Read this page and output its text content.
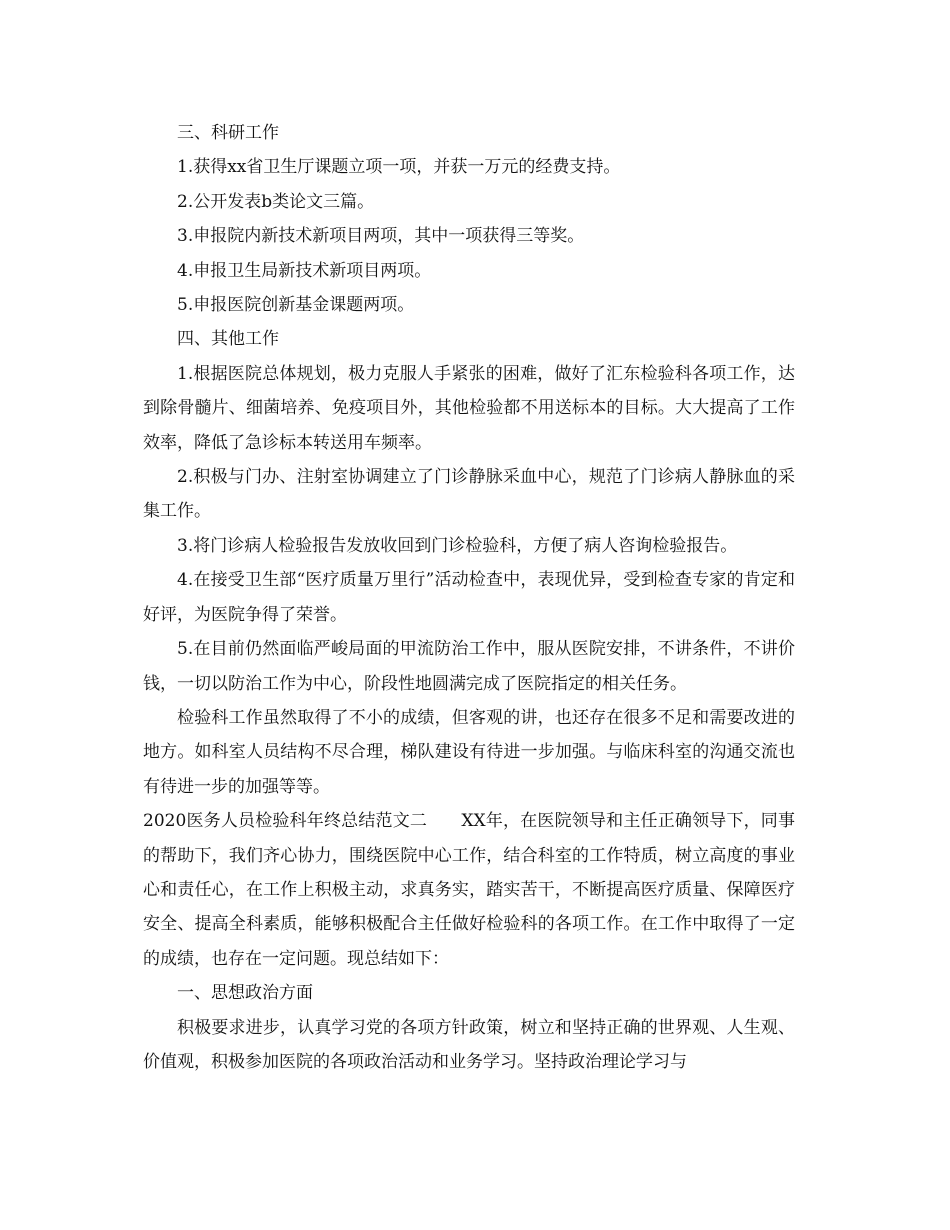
三、科研工作

1.获得xx省卫生厅课题立项一项，并获一万元的经费支持。

2.公开发表b类论文三篇。

3.申报院内新技术新项目两项，其中一项获得三等奖。

4.申报卫生局新技术新项目两项。

5.申报医院创新基金课题两项。

四、其他工作

1.根据医院总体规划，极力克服人手紧张的困难，做好了汇东检验科各项工作，达到除骨髓片、细菌培养、免疫项目外，其他检验都不用送标本的目标。大大提高了工作效率，降低了急诊标本转送用车频率。

2.积极与门办、注射室协调建立了门诊静脉采血中心，规范了门诊病人静脉血的采集工作。

3.将门诊病人检验报告发放收回到门诊检验科，方便了病人咨询检验报告。

4.在接受卫生部“医疗质量万里行”活动检查中，表现优异，受到检查专家的肯定和好评，为医院争得了荣誉。

5.在目前仍然面临严峻局面的甲流防治工作中，服从医院安排，不讲条件，不讲价钱，一切以防治工作为中心，阶段性地圆满完成了医院指定的相关任务。

检验科工作虽然取得了不小的成绩，但客观的讲，也还存在很多不足和需要改进的地方。如科室人员结构不尽合理，梯队建设有待进一步加强。与临床科室的沟通交流也有待进一步的加强等等。

2020医务人员检验科年终总结范文二　　XX年，在医院领导和主任正确领导下，同事的帮助下，我们齐心协力，围绕医院中心工作，结合科室的工作特质，树立高度的事业心和责任心，在工作上积极主动，求真务实，踏实苦干，不断提高医疗质量、保障医疗安全、提高全科素质，能够积极配合主任做好检验科的各项工作。在工作中取得了一定的成绩，也存在一定问题。现总结如下：

一、思想政治方面

积极要求进步，认真学习党的各项方针政策，树立和坚持正确的世界观、人生观、价值观，积极参加医院的各项政治活动和业务学习。坚持政治理论学习与
